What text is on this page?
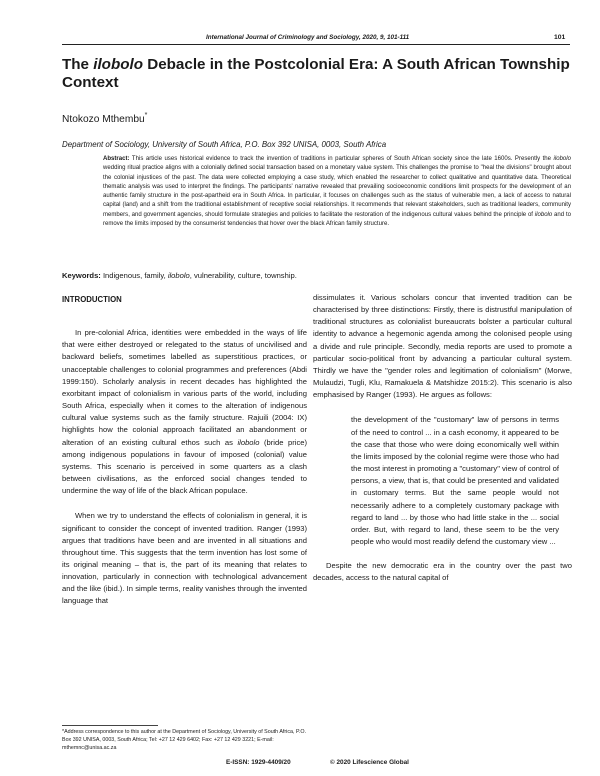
International Journal of Criminology and Sociology, 2020, 9, 101-111	101
The ilobolo Debacle in the Postcolonial Era: A South African Township Context
Ntokozo Mthembu*
Department of Sociology, University of South Africa, P.O. Box 392 UNISA, 0003, South Africa
Abstract: This article uses historical evidence to track the invention of traditions in particular spheres of South African society since the late 1600s. Presently the ilobolo wedding ritual practice aligns with a colonially defined social transaction based on a monetary value system. This challenges the promise to "heal the divisions" brought about the colonial injustices of the past. The data were collected employing a case study, which enabled the researcher to collect qualitative and quantitative data. Theoretical thematic analysis was used to interpret the findings. The participants' narrative revealed that prevailing socioeconomic conditions limit prospects for the development of an authentic family structure in the post-apartheid era in South Africa. In particular, it focuses on challenges such as the status of vulnerable men, a lack of access to natural capital (land) and a shift from the traditional establishment of receptive social relationships. It recommends that relevant stakeholders, such as traditional leaders, community members, and government agencies, should formulate strategies and policies to facilitate the restoration of the indigenous cultural values behind the principle of ilobolo and to remove the limits imposed by the consumerist tendencies that hover over the black African family structure.
Keywords: Indigenous, family, ilobolo, vulnerability, culture, township.
INTRODUCTION

In pre-colonial Africa, identities were embedded in the ways of life that were either destroyed or relegated to the status of uncivilised and backward beliefs, sometimes labelled as superstitious practices, or unacceptable challenges to colonial programmes and preferences (Abdi 1999:150). Scholarly analysis in recent decades has highlighted the exorbitant impact of colonialism in various parts of the world, including South Africa, especially when it comes to the alteration of indigenous cultural value systems such as the family structure. Rajuili (2004: IX) highlights how the colonial approach facilitated an abandonment or alteration of an existing cultural ethos such as ilobolo (bride price) among indigenous populations in favour of imposed (colonial) value systems. This scenario is perceived in some quarters as a clash between civilisations, as the enforced social changes tended to undermine the way of life of the black African populace.

When we try to understand the effects of colonialism in general, it is significant to consider the concept of invented tradition. Ranger (1993) argues that traditions have been and are invented in all situations and throughout time. This suggests that the term invention has lost some of its original meaning – that is, the part of its meaning that relates to innovation, particularly in connection with technological advancement and the like (ibid.). In simple terms, reality vanishes through the invented language that

dissimulates it. Various scholars concur that invented tradition can be characterised by three distinctions: Firstly, there is distrustful manipulation of traditional structures as colonialist bureaucrats bolster a particular cultural identity to advance a hegemonic agenda among the colonised people using a divide and rule principle. Secondly, media reports are used to promote a particular socio-political front by advancing a particular cultural system. Thirdly we have the "gender roles and legitimation of colonialism" (Morwe, Mulaudzi, Tugli, Klu, Ramakuela & Matshidze 2015:2). This scenario is also emphasised by Ranger (1993). He argues as follows:

the development of the "customary" law of persons in terms of the need to control ... in a cash economy, it appeared to be the case that those who were doing economically well within the limits imposed by the colonial regime were those who had the most interest in promoting a "customary" view of control of persons, a view, that is, that could be presented and validated in customary terms. But the same people would not necessarily adhere to a completely customary package with regard to land ... by those who had little stake in the ... social order. But, with regard to land, these seem to be the very people who would most readily defend the customary view ...

Despite the new democratic era in the country over the past two decades, access to the natural capital of

*Address correspondence to this author at the Department of Sociology, University of South Africa, P.O. Box 392 UNISA, 0003, South Africa; Tel: +27 12 429 6402; Fax: +27 12 429 3221; E-mail: mthemnc@unisa.ac.za
E-ISSN: 1929-4409/20	© 2020 Lifescience Global
